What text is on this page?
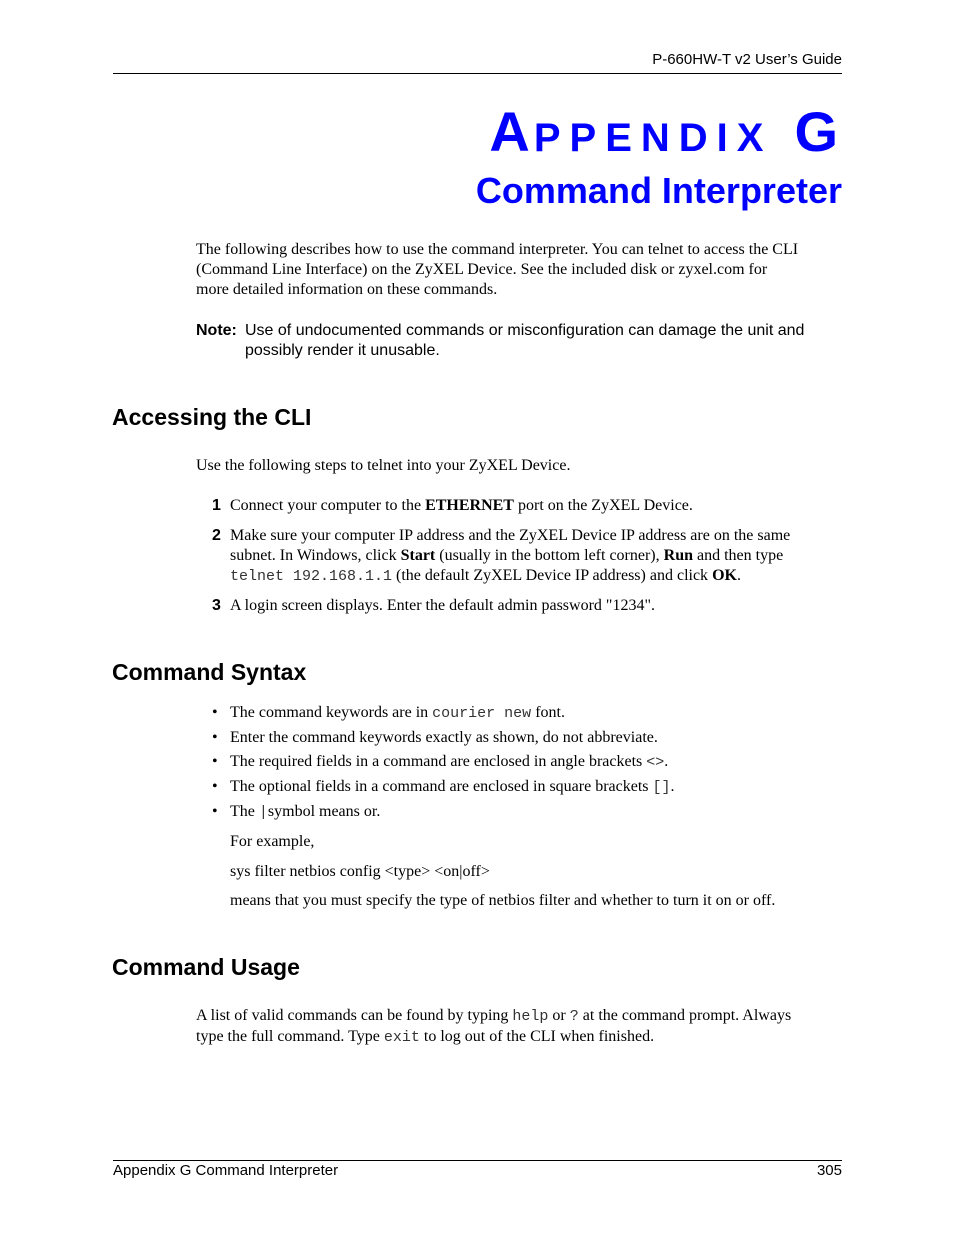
P-660HW-T v2 User’s Guide
APPENDIX G
Command Interpreter
The following describes how to use the command interpreter. You can telnet to access the CLI
(Command Line Interface) on the ZyXEL Device. See the included disk or zyxel.com for
more detailed information on these commands.
Note: Use of undocumented commands or misconfiguration can damage the unit and
possibly render it unusable.
Accessing the CLI
Use the following steps to telnet into your ZyXEL Device.
1 Connect your computer to the ETHERNET port on the ZyXEL Device.
2 Make sure your computer IP address and the ZyXEL Device IP address are on the same
subnet. In Windows, click Start (usually in the bottom left corner), Run and then type
telnet 192.168.1.1 (the default ZyXEL Device IP address) and click OK.
3 A login screen displays. Enter the default admin password "1234".
Command Syntax
• The command keywords are in courier new font.
• Enter the command keywords exactly as shown, do not abbreviate.
• The required fields in a command are enclosed in angle brackets <>.
• The optional fields in a command are enclosed in square brackets [].
• The |symbol means or.
For example,
sys filter netbios config <type> <on|off>
means that you must specify the type of netbios filter and whether to turn it on or off.
Command Usage
A list of valid commands can be found by typing help or ? at the command prompt. Always
type the full command. Type exit to log out of the CLI when finished.
Appendix G Command Interpreter	305
